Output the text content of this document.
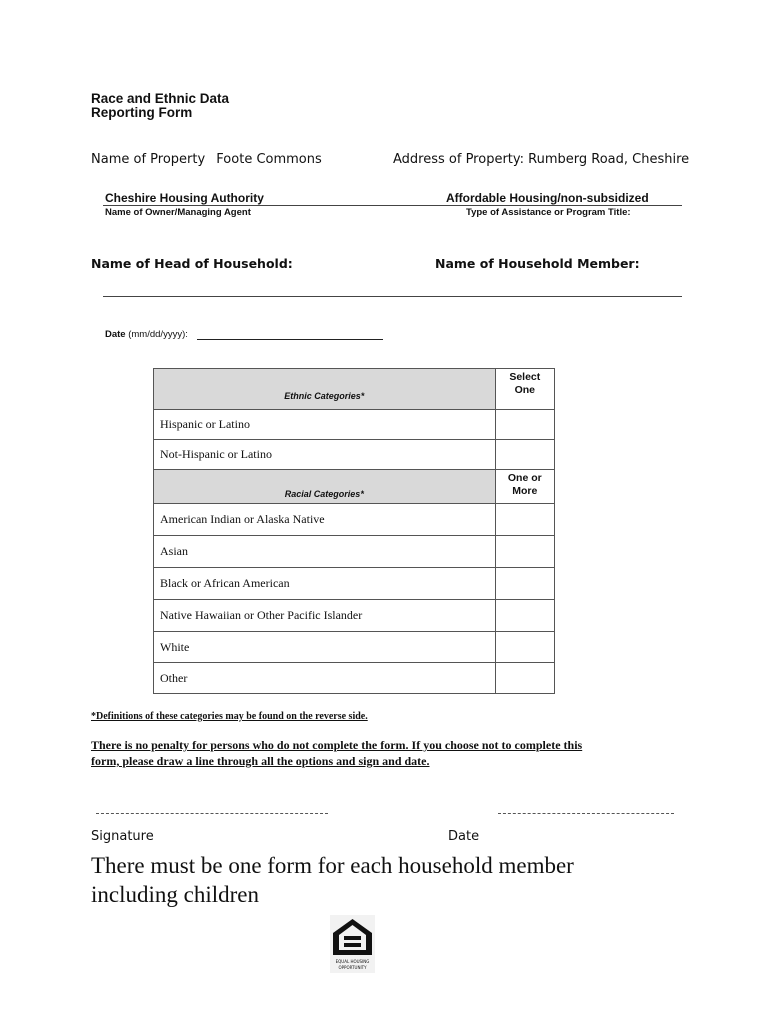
Race and Ethnic Data
Reporting Form
Name of Property Foote Commons	Address of Property: Rumberg Road, Cheshire
Cheshire Housing Authority	Affordable Housing/non-subsidized
Name of Owner/Managing Agent	Type of Assistance or Program Title:
Name of Head of Household:	Name of Household Member:
Date (mm/dd/yyyy):
Ethnic Categories*	Select
One

Hispanic or Latino	
Not-Hispanic or Latino	
Racial Categories*	One or
More

American Indian or Alaska Native	
Asian	
Black or African American	
Native Hawaiian or Other Pacific Islander	
White	
Other	
*Definitions of these categories may be found on the reverse side.
There is no penalty for persons who do not complete the form. If you choose not to complete this
form, please draw a line through all the options and sign and date.
Signature	Date
There must be one form for each household member
including children
EQUAL HOUSING
OPPORTUNITY
